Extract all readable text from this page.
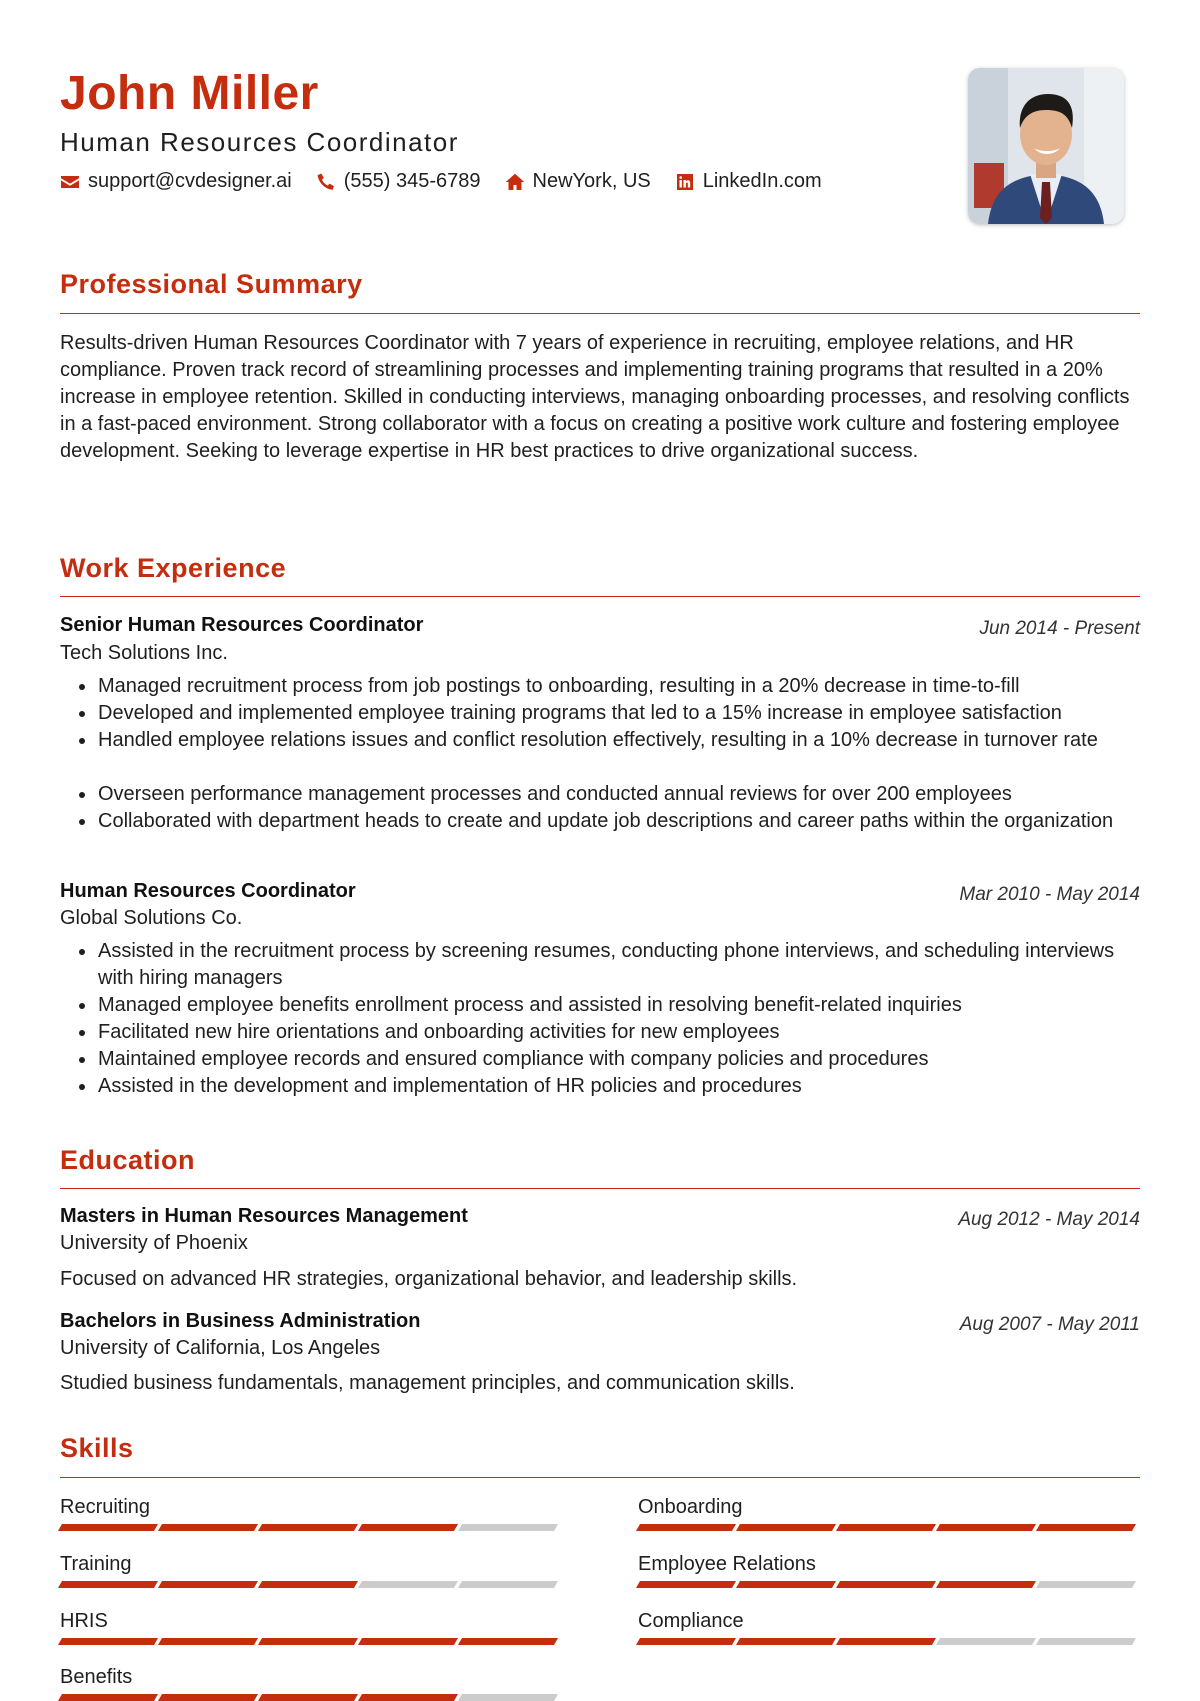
John Miller
Human Resources Coordinator
support@cvdesigner.ai	(555) 345-6789	NewYork, US	LinkedIn.com
Professional Summary

Results-driven Human Resources Coordinator with 7 years of experience in recruiting, employee relations, and HR compliance. Proven track record of streamlining processes and implementing training programs that resulted in a 20% increase in employee retention. Skilled in conducting interviews, managing onboarding processes, and resolving conflicts in a fast-paced environment. Strong collaborator with a focus on creating a positive work culture and fostering employee development. Seeking to leverage expertise in HR best practices to drive organizational success.

Work Experience
Senior Human Resources Coordinator	Jun 2014 - Present
Tech Solutions Inc.
Managed recruitment process from job postings to onboarding, resulting in a 20% decrease in time-to-fill
Developed and implemented employee training programs that led to a 15% increase in employee satisfaction
Handled employee relations issues and conflict resolution effectively, resulting in a 10% decrease in turnover rate
Overseen performance management processes and conducted annual reviews for over 200 employees
Collaborated with department heads to create and update job descriptions and career paths within the organization
Human Resources Coordinator	Mar 2010 - May 2014
Global Solutions Co.
Assisted in the recruitment process by screening resumes, conducting phone interviews, and scheduling interviews with hiring managers
Managed employee benefits enrollment process and assisted in resolving benefit-related inquiries
Facilitated new hire orientations and onboarding activities for new employees
Maintained employee records and ensured compliance with company policies and procedures
Assisted in the development and implementation of HR policies and procedures
Education
Masters in Human Resources Management	Aug 2012 - May 2014
University of Phoenix
Focused on advanced HR strategies, organizational behavior, and leadership skills.
Bachelors in Business Administration	Aug 2007 - May 2011
University of California, Los Angeles
Studied business fundamentals, management principles, and communication skills.
Skills
Recruiting	Onboarding
Training	Employee Relations
HRIS	Compliance
Benefits
